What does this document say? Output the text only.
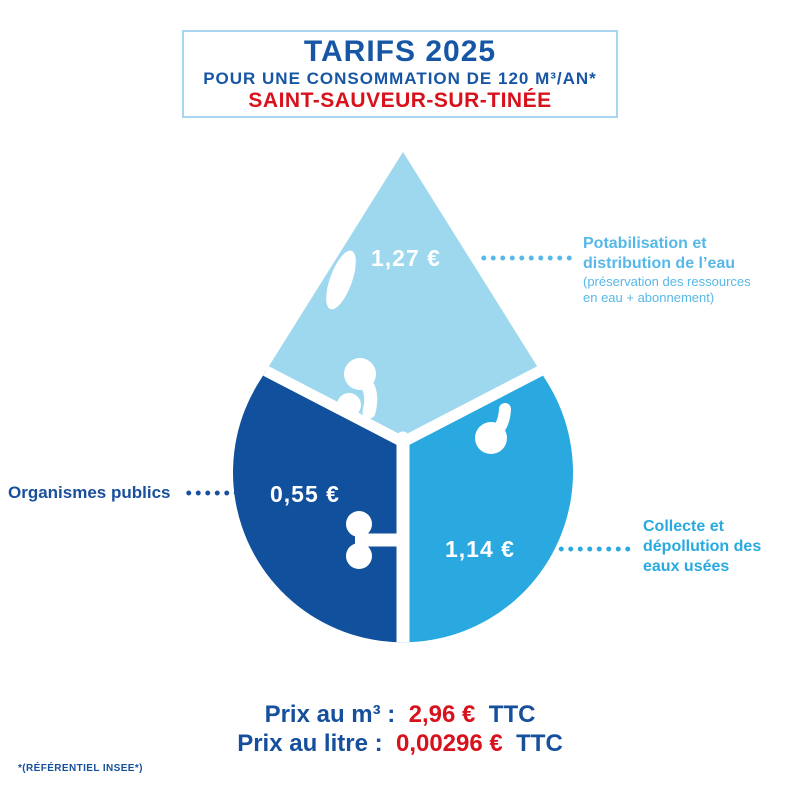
TARIFS 2025
POUR UNE CONSOMMATION DE 120 M³/AN*
SAINT-SAUVEUR-SUR-TINÉE
1,27 €
0,55 €
1,14 €
Potabilisation et
distribution de l’eau
(préservation des ressources
en eau + abonnement)
Organismes publics
Collecte et
dépollution des
eaux usées
Prix au m³ : 2,96 € TTC
Prix au litre : 0,00296 € TTC
*(RÉFÉRENTIEL INSEE*)
